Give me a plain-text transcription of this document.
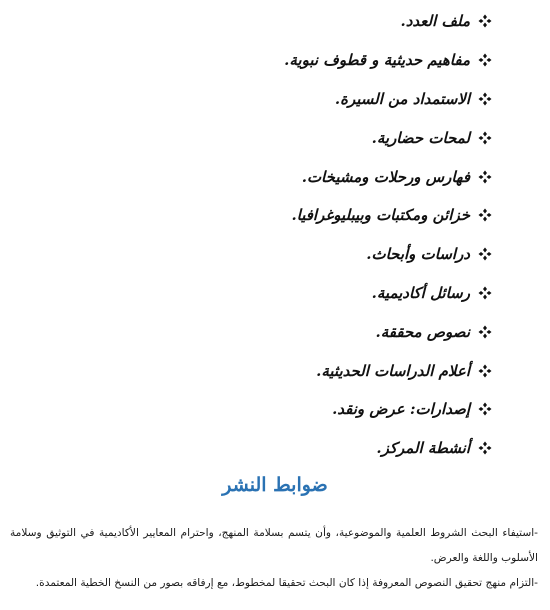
ملف العدد.
مفاهيم حديثية و قطوف نبوية.
الاستمداد من السيرة.
لمحات حضارية.
فهارس ورحلات ومشيخات.
خزائن ومكتبات وبيبليوغرافيا.
دراسات وأبحاث.
رسائل أكاديمية.
نصوص محققة.
أعلام الدراسات الحديثية.
إصدارات: عرض ونقد.
أنشطة المركز.
ضوابط النشر

-استيفاء البحث الشروط العلمية والموضوعية، وأن يتسم بسلامة المنهج، واحترام المعايير الأكاديمية في التوثيق وسلامة الأسلوب واللغة والعرض.

-التزام منهج تحقيق النصوص المعروفة إذا كان البحث تحقيقا لمخطوط، مع إرفاقه بصور من النسخ الخطية المعتمدة.
